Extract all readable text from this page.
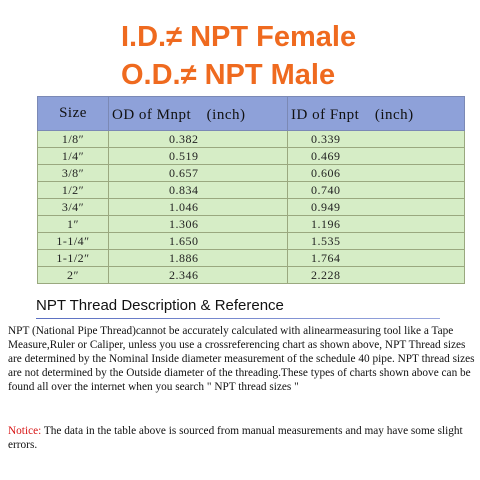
I.D.≠ NPT Female
O.D.≠ NPT Male
Size	OD of Mnpt　(inch)	ID of Fnpt　(inch)
1/8″	0.382	0.339
1/4″	0.519	0.469
3/8″	0.657	0.606
1/2″	0.834	0.740
3/4″	1.046	0.949
1″	1.306	1.196
1-1/4″	1.650	1.535
1-1/2″	1.886	1.764
2″	2.346	2.228
NPT Thread Description & Reference
NPT (National Pipe Thread)cannot be accurately calculated with alinearmeasuring tool like a Tape Measure,Ruler or Caliper, unless you use a crossreferencing chart as shown above, NPT Thread sizes are determined by the Nominal Inside diameter measurement of the schedule 40 pipe. NPT thread sizes are not determined by the Outside diameter of the threading.These types of charts shown above can be found all over the internet when you search " NPT thread sizes "
Notice: The data in the table above is sourced from manual measurements and may have some slight errors.
